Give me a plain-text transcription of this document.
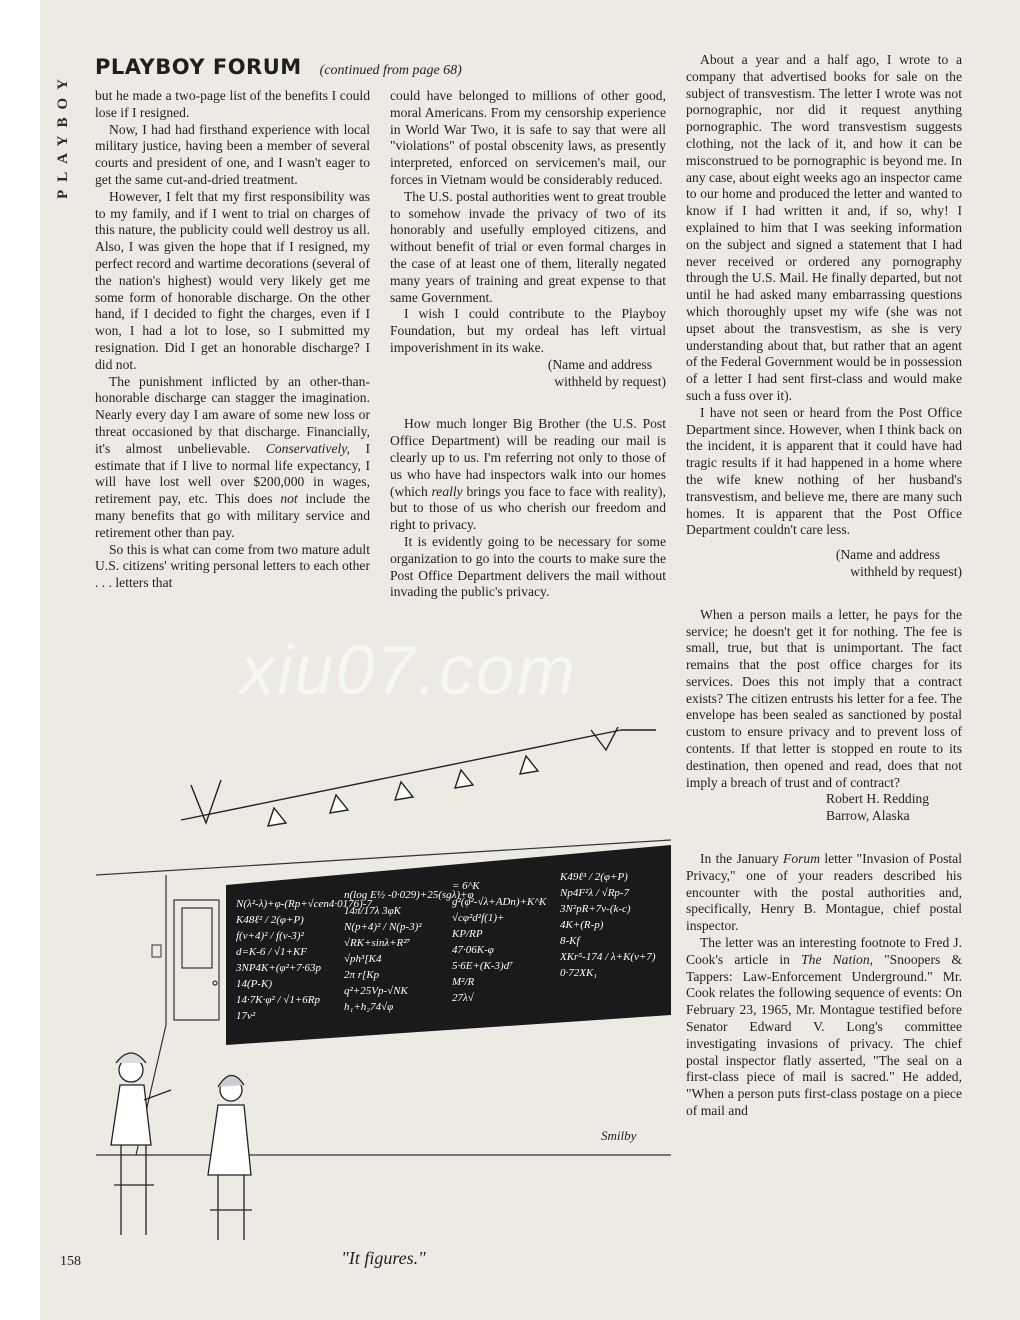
PLAYBOY
PLAYBOY FORUM (continued from page 68)

but he made a two-page list of the benefits I could lose if I resigned.

Now, I had had firsthand experience with local military justice, having been a member of several courts and president of one, and I wasn't eager to get the same cut-and-dried treatment.

However, I felt that my first responsibility was to my family, and if I went to trial on charges of this nature, the publicity could well destroy us all. Also, I was given the hope that if I resigned, my perfect record and wartime decorations (several of the nation's highest) would very likely get me some form of honorable discharge. On the other hand, if I decided to fight the charges, even if I won, I had a lot to lose, so I submitted my resignation. Did I get an honorable discharge? I did not.

The punishment inflicted by an other-than-honorable discharge can stagger the imagination. Nearly every day I am aware of some new loss or threat occasioned by that discharge. Financially, it's almost unbelievable. Conservatively, I estimate that if I live to normal life expectancy, I will have lost well over $200,000 in wages, retirement pay, etc. This does not include the many benefits that go with military service and retirement other than pay.

So this is what can come from two mature adult U.S. citizens' writing personal letters to each other . . . letters that

could have belonged to millions of other good, moral Americans. From my censorship experience in World War Two, it is safe to say that were all "violations" of postal obscenity laws, as presently interpreted, enforced on servicemen's mail, our forces in Vietnam would be considerably reduced.

The U.S. postal authorities went to great trouble to somehow invade the privacy of two of its honorably and usefully employed citizens, and without benefit of trial or even formal charges in the case of at least one of them, literally negated many years of training and great expense to that same Government.

I wish I could contribute to the Playboy Foundation, but my ordeal has left virtual impoverishment in its wake.

(Name and address
withheld by request)

How much longer Big Brother (the U.S. Post Office Department) will be reading our mail is clearly up to us. I'm referring not only to those of us who have had inspectors walk into our homes (which really brings you face to face with reality), but to those of us who cherish our freedom and right to privacy.

It is evidently going to be necessary for some organization to go into the courts to make sure the Post Office Department delivers the mail without invading the public's privacy.

About a year and a half ago, I wrote to a company that advertised books for sale on the subject of transvestism. The letter I wrote was not pornographic, nor did it request anything pornographic. The word transvestism suggests clothing, not the lack of it, and how it can be misconstrued to be pornographic is beyond me. In any case, about eight weeks ago an inspector came to our home and produced the letter and wanted to know if I had written it and, if so, why! I explained to him that I was seeking information on the subject and signed a statement that I had never received or ordered any pornography through the U.S. Mail. He finally departed, but not until he had asked many embarrassing questions which thoroughly upset my wife (she was not upset about the transvestism, as she is very understanding about that, but rather that an agent of the Federal Government would be in possession of a letter I had sent first-class and would make such a fuss over it).

I have not seen or heard from the Post Office Department since. However, when I think back on the incident, it is apparent that it could have had tragic results if it had happened in a home where the wife knew nothing of her husband's transvestism, and believe me, there are many such homes. It is apparent that the Post Office Department couldn't care less.

(Name and address
withheld by request)

When a person mails a letter, he pays for the service; he doesn't get it for nothing. The fee is small, true, but that is unimportant. The fact remains that the post office charges for its services. Does this not imply that a contract exists? The citizen entrusts his letter for a fee. The envelope has been sealed as sanctioned by postal custom to ensure privacy and to prevent loss of contents. If that letter is stopped en route to its destination, then opened and read, does that not imply a breach of trust and of contract?

Robert H. Redding
Barrow, Alaska

In the January Forum letter "Invasion of Postal Privacy," one of your readers described his encounter with the postal authorities and, specifically, Henry B. Montague, chief postal inspector.

The letter was an interesting footnote to Fred J. Cook's article in The Nation, "Snoopers & Tappers: Law-Enforcement Underground." Mr. Cook relates the following sequence of events: On February 23, 1965, Mr. Montague testified before Senator Edward V. Long's committee investigating invasions of privacy. The chief postal inspector flatly asserted, "The seal on a first-class piece of mail is sacred." He added, "When a person puts first-class postage on a piece of mail and

xiu07.com
N(λ²-λ)+φ-(Rp+√cen4·0176)-7
n(log E½ -0·029)+25(sgλ)+φ
= 6^K
K49ℓ³ / 2(φ+P)
K48ℓ² / 2(φ+P)
14π/17λ 3φK
g²(φ²-√λ+ADn)+K^K
Np4F²λ / √Rp-7
f(v+4)² / f(v-3)²
N(p+4)² / N(p-3)²
√cφ²d²f(1)+
3N²pR+7v-(k-c)
d=K-6 / √1+KF
√RK+sinλ+R²⁷
KP/RP
4K+(R-p)
3NP4K+(φ²+7·63p
√ph³[K4
47·06K-φ
8-Kf
14(P-K)
2π r[Kp
5·6E+(K-3)d⁷
XKr⁵-174 / λ+K(v+7)
14·7K·φ² / √1+6Rp
q²+25Vp-√NK
M²/R
0·72XK₁
17v²
h₁+h₂74√φ
27λ√
Smilby
"It figures."
158
